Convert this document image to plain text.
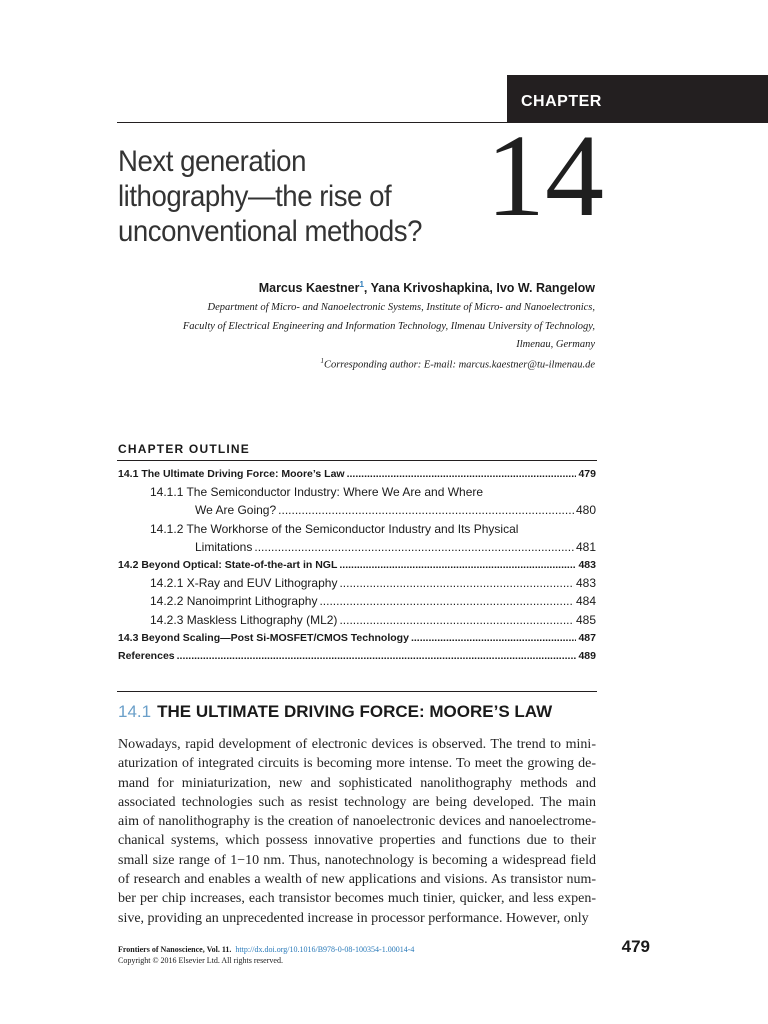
CHAPTER
Next generation
lithography—the rise of
unconventional methods? 14
Marcus Kaestner$^1$, Yana Krivoshapkina, Ivo W. Rangelow
Department of Micro- and Nanoelectronic Systems, Institute of Micro- and Nanoelectronics,
Faculty of Electrical Engineering and Information Technology, Ilmenau University of Technology,
Ilmenau, Germany
$^1$Corresponding author: E-mail: marcus.kaestner@tu-ilmenau.de
CHAPTER OUTLINE
14.1 The Ultimate Driving Force: Moore’s Law .....	479
14.1.1 The Semiconductor Industry: Where We Are and Where
We Are Going? .....	480
14.1.2 The Workhorse of the Semiconductor Industry and Its Physical
Limitations .....	481
14.2 Beyond Optical: State-of-the-art in NGL .....	483
14.2.1 X-Ray and EUV Lithography .....	483
14.2.2 Nanoimprint Lithography .....	484
14.2.3 Maskless Lithography (ML2) .....	485
14.3 Beyond Scaling—Post Si-MOSFET/CMOS Technology .....	487
References .....	489
14.1 THE ULTIMATE DRIVING FORCE: MOORE’S LAW
Nowadays, rapid development of electronic devices is observed. The trend to mini-
aturization of integrated circuits is becoming more intense. To meet the growing de-
mand for miniaturization, new and sophisticated nanolithography methods and
associated technologies such as resist technology are being developed. The main
aim of nanolithography is the creation of nanoelectronic devices and nanoelectrome-
chanical systems, which possess innovative properties and functions due to their
small size range of 1−10 nm. Thus, nanotechnology is becoming a widespread field
of research and enables a wealth of new applications and visions. As transistor num-
ber per chip increases, each transistor becomes much tinier, quicker, and less expen-
sive, providing an unprecedented increase in processor performance. However, only
Frontiers of Nanoscience, Vol. 11. http://dx.doi.org/10.1016/B978-0-08-100354-1.00014-4
Copyright © 2016 Elsevier Ltd. All rights reserved.
479
